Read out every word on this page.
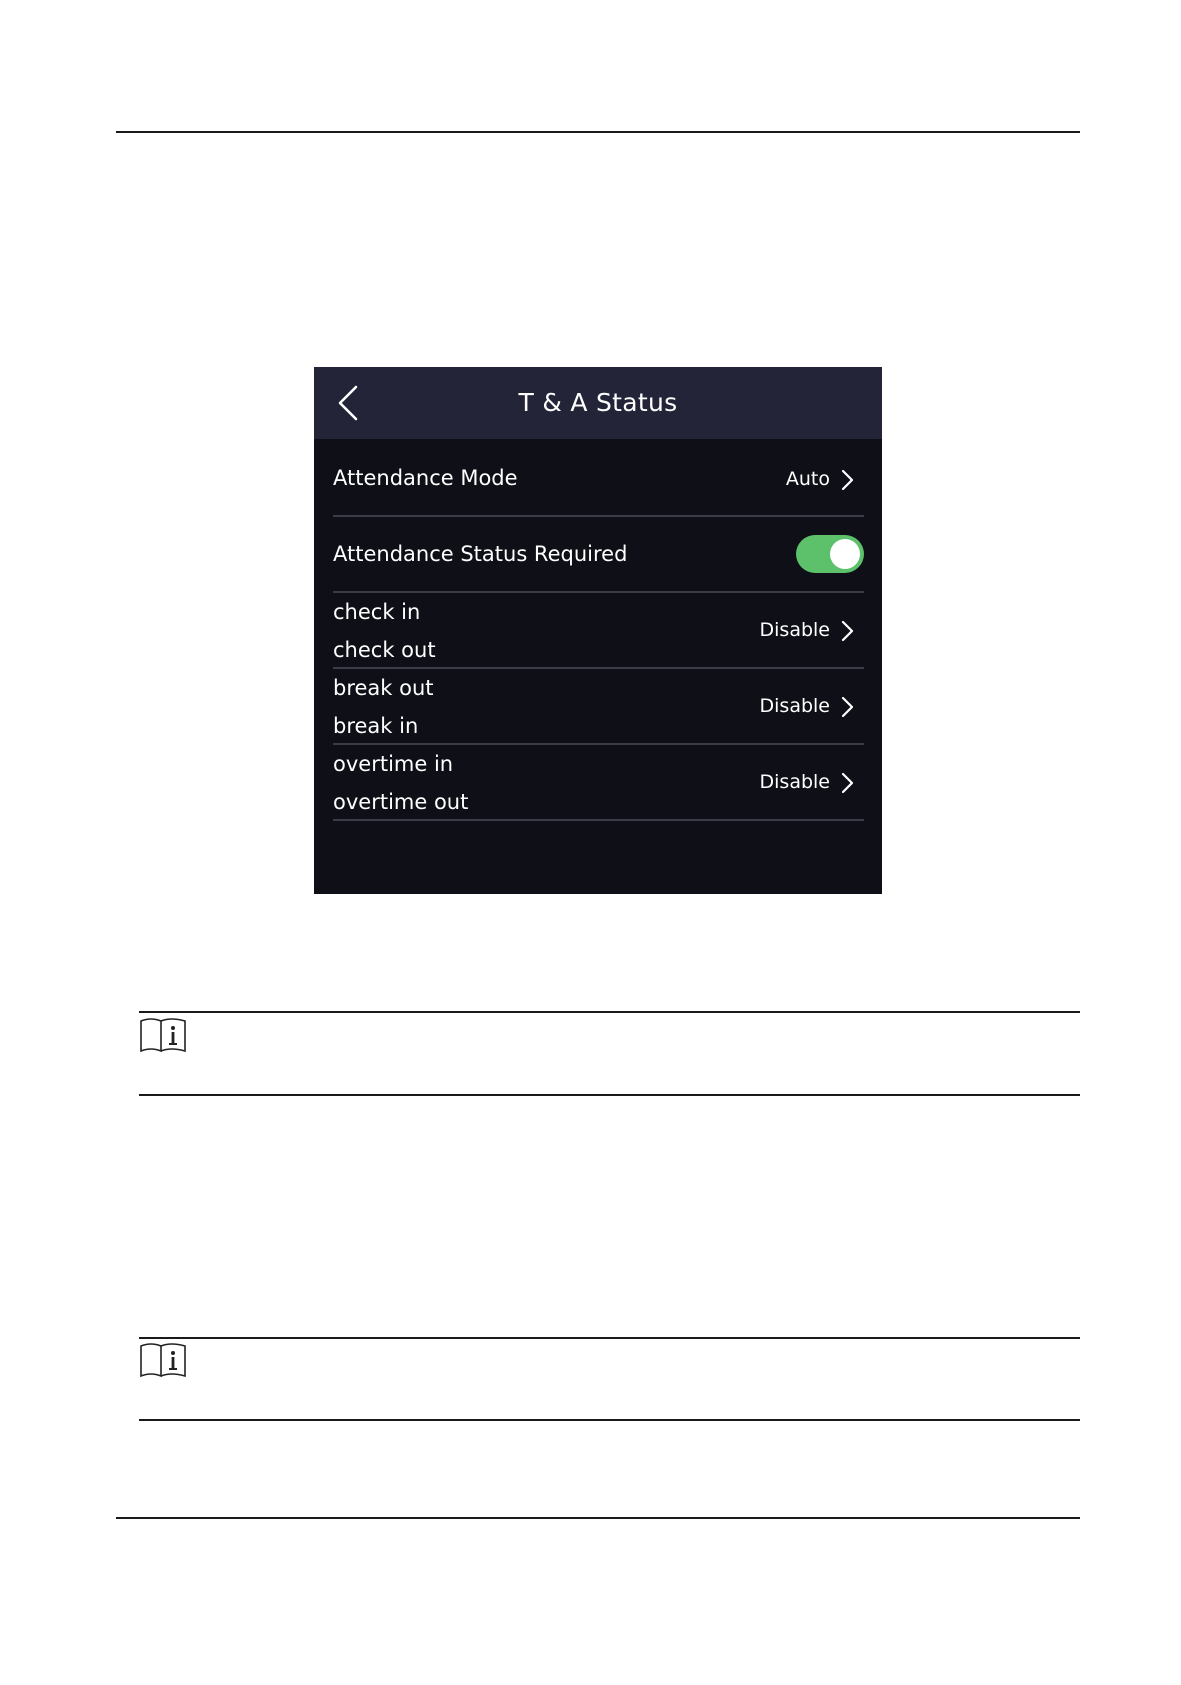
T & A Status
Attendance Mode	Auto
Attendance Status Required
check in
check out
Disable
break out
break in
Disable
overtime in
overtime out
Disable
